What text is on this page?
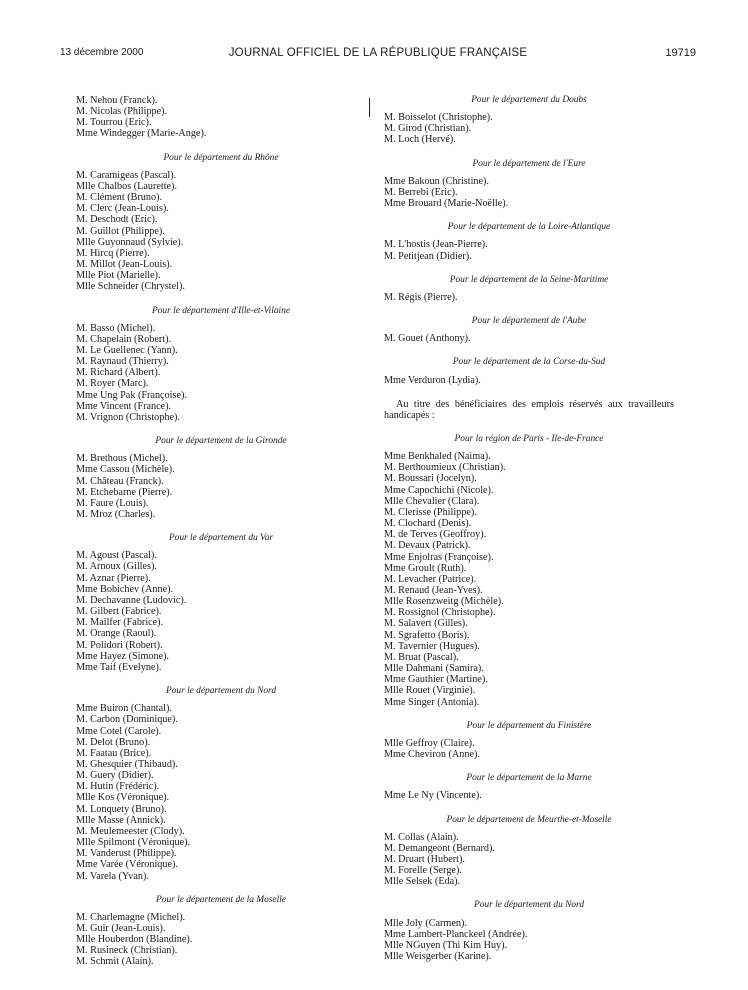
13 décembre 2000	JOURNAL OFFICIEL DE LA RÉPUBLIQUE FRANÇAISE	19719
M. Nehou (Franck).
M. Nicolas (Philippe).
M. Tourrou (Eric).
Mme Windegger (Marie-Ange).
Pour le département du Rhône
M. Caramigeas (Pascal).
Mlle Chalbos (Laurette).
M. Clément (Bruno).
M. Clerc (Jean-Louis).
M. Deschodt (Eric).
M. Guillot (Philippe).
Mlle Guyonnaud (Sylvie).
M. Hircq (Pierre).
M. Millot (Jean-Louis).
Mlle Piot (Marielle).
Mlle Schneider (Chrystel).
Pour le département d'Ille-et-Vilaine
M. Basso (Michel).
M. Chapelain (Robert).
M. Le Guellenec (Yann).
M. Raynaud (Thierry).
M. Richard (Albert).
M. Royer (Marc).
Mme Ung Pak (Françoise).
Mme Vincent (France).
M. Vrignon (Christophe).
Pour le département de la Gironde
M. Brethous (Michel).
Mme Cassou (Michèle).
M. Château (Franck).
M. Etchebarne (Pierre).
M. Faure (Louis).
M. Mroz (Charles).
Pour le département du Var
M. Agoust (Pascal).
M. Arnoux (Gilles).
M. Aznar (Pierre).
Mme Bobichev (Anne).
M. Dechavanne (Ludovic).
M. Gilbert (Fabrice).
M. Mailfer (Fabrice).
M. Orange (Raoul).
M. Polidori (Robert).
Mme Hayez (Simone).
Mme Taif (Evelyne).
Pour le département du Nord
Mme Buiron (Chantal).
M. Carbon (Dominique).
Mme Cotel (Carole).
M. Delot (Bruno).
M. Faatau (Brice).
M. Ghesquier (Thibaud).
M. Guery (Didier).
M. Hutin (Frédéric).
Mlle Kos (Véronique).
M. Lonquety (Bruno).
Mlle Masse (Annick).
M. Meulemeester (Clody).
Mlle Spilmont (Véronique).
M. Vanderust (Philippe).
Mme Varée (Véronique).
M. Varela (Yvan).
Pour le département de la Moselle
M. Charlemagne (Michel).
M. Guir (Jean-Louis).
Mlle Houberdon (Blandine).
M. Rusineck (Christian).
M. Schmit (Alain).
Pour le département du Doubs
M. Boisselot (Christophe).
M. Girod (Christian).
M. Loch (Hervé).
Pour le département de l'Eure
Mme Bakoun (Christine).
M. Berrebi (Eric).
Mme Brouard (Marie-Noëlle).
Pour le département de la Loire-Atlantique
M. L'hostis (Jean-Pierre).
M. Petitjean (Didier).
Pour le département de la Seine-Maritime
M. Régis (Pierre).
Pour le département de l'Aube
M. Gouet (Anthony).
Pour le département de la Corse-du-Sud
Mme Verduron (Lydia).
Au titre des bénéficiaires des emplois réservés aux travailleurs handicapés :
Pour la région de Paris - Ile-de-France
Mme Benkhaled (Naima).
M. Berthoumieux (Christian).
M. Boussari (Jocelyn).
Mme Capochichi (Nicole).
Mlle Chevalier (Clara).
M. Clerisse (Philippe).
M. Clochard (Denis).
M. de Terves (Geoffroy).
M. Devaux (Patrick).
Mme Enjolras (Françoise).
Mme Groult (Ruth).
M. Levacher (Patrice).
M. Renaud (Jean-Yves).
Mlle Rosenzweitg (Michèle).
M. Rossignol (Christophe).
M. Salavert (Gilles).
M. Sgrafetto (Boris).
M. Tavernier (Hugues).
M. Bruat (Pascal).
Mlle Dahmani (Samira).
Mme Gauthier (Martine).
Mlle Rouet (Virginie).
Mme Singer (Antonia).
Pour le département du Finistère
Mlle Geffroy (Claire).
Mme Cheviron (Anne).
Pour le département de la Marne
Mme Le Ny (Vincente).
Pour le département de Meurthe-et-Moselle
M. Collas (Alain).
M. Demangeont (Bernard).
M. Druart (Hubert).
M. Forelle (Serge).
Mlle Selsek (Eda).
Pour le département du Nord
Mlle Joly (Carmen).
Mme Lambert-Planckeel (Andrée).
Mlle NGuyen (Thi Kim Huy).
Mlle Weisgerber (Karine).
